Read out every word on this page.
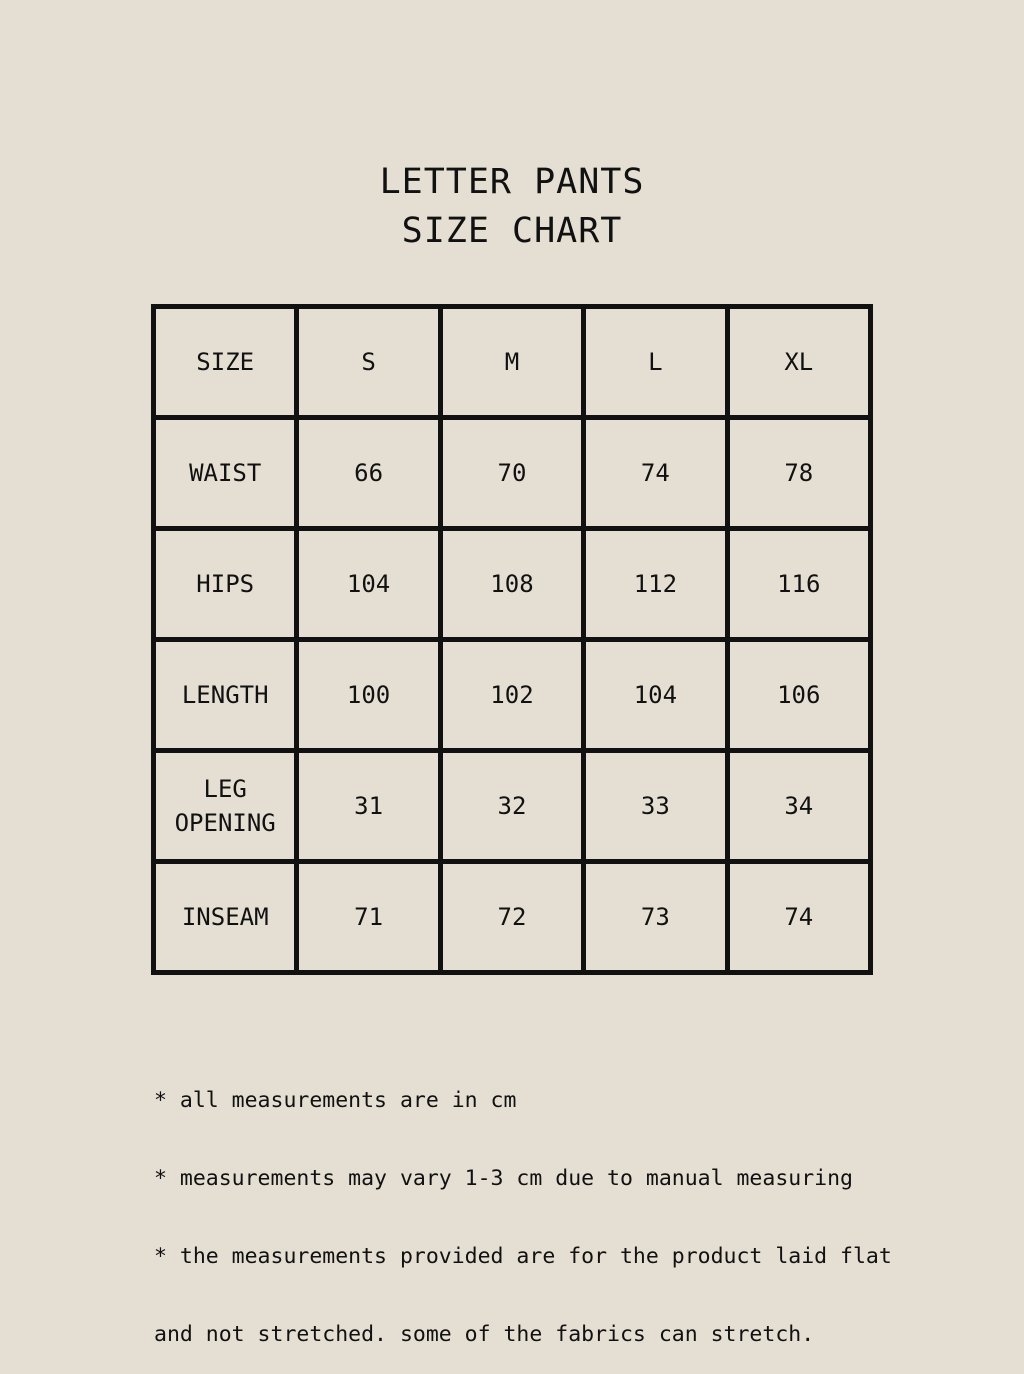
LETTER PANTS
SIZE CHART
SIZE	S	M	L	XL
WAIST	66	70	74	78
HIPS	104	108	112	116
LENGTH	100	102	104	106
LEG
OPENING	31	32	33	34
INSEAM	71	72	73	74

* all measurements are in cm

* measurements may vary 1-3 cm due to manual measuring

* the measurements provided are for the product laid flat

and not stretched. some of the fabrics can stretch.
